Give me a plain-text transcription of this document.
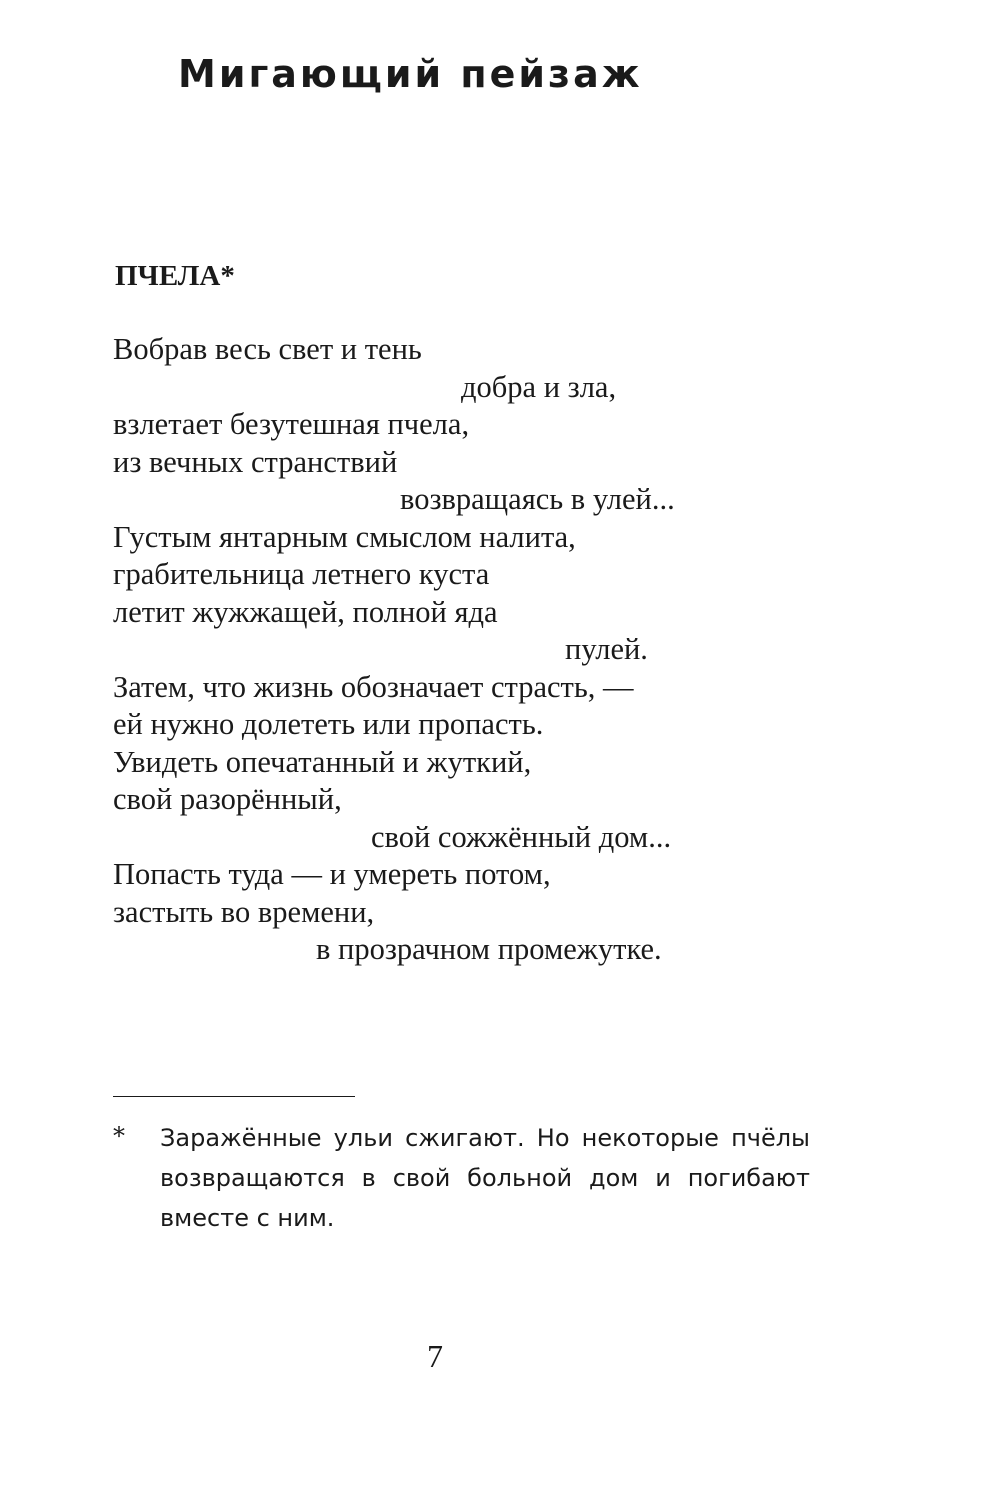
Мигающий пейзаж
ПЧЕЛА*
Вобрав весь свет и тень
добра и зла,
взлетает безутешная пчела,
из вечных странствий
возвращаясь в улей...
Густым янтарным смыслом налита,
грабительница летнего куста
летит жужжащей, полной яда
пулей.
Затем, что жизнь обозначает страсть, —
ей нужно долететь или пропасть.
Увидеть опечатанный и жуткий,
свой разорённый,
свой сожжённый дом...
Попасть туда — и умереть потом,
застыть во времени,
в прозрачном промежутке.
* Заражённые ульи сжигают. Но некоторые пчёлы возвращаются в свой больной дом и погибают вместе с ним.

7
